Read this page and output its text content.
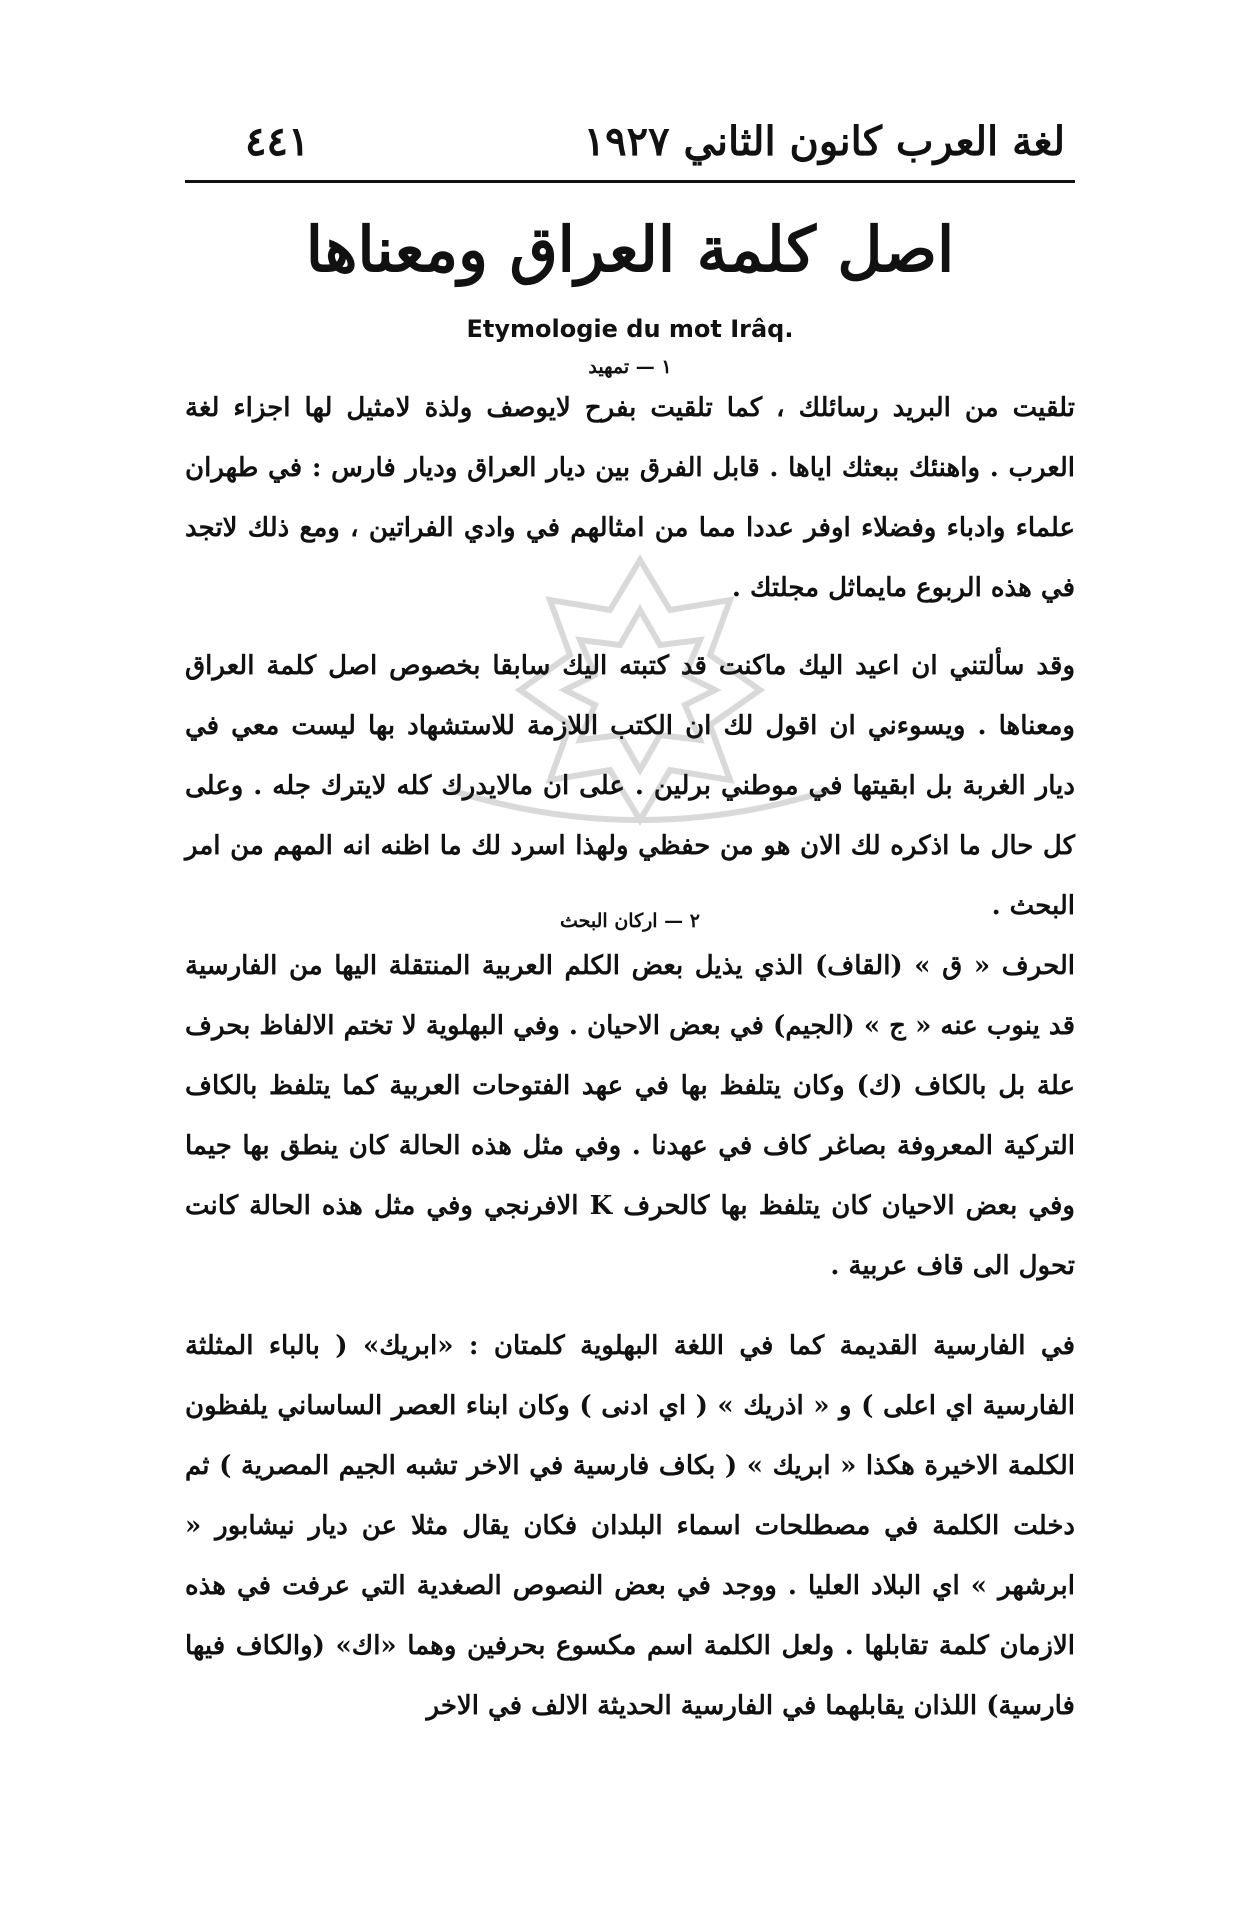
لغة العرب كانون الثاني ١٩٢٧
٤٤١
اصل كلمة العراق ومعناها
Etymologie du mot Irâq.
١ — تمهيد

تلقيت من البريد رسائلك ، كما تلقيت بفرح لايوصف ولذة لامثيل لها اجزاء لغة العرب . واهنئك ببعثك اياها . قابل الفرق بين ديار العراق وديار فارس : في طهران علماء وادباء وفضلاء اوفر عددا مما من امثالهم في وادي الفراتين ، ومع ذلك لاتجد في هذه الربوع مايماثل مجلتك .

وقد سألتني ان اعيد اليك ماكنت قد كتبته اليك سابقا بخصوص اصل كلمة العراق ومعناها . ويسوءني ان اقول لك ان الكتب اللازمة للاستشهاد بها ليست معي في ديار الغربة بل ابقيتها في موطني برلين . على ان مالايدرك كله لايترك جله . وعلى كل حال ما اذكره لك الان هو من حفظي ولهذا اسرد لك ما اظنه انه المهم من امر البحث .

٢ — اركان البحث

الحرف « ق » (القاف) الذي يذيل بعض الكلم العربية المنتقلة اليها من الفارسية قد ينوب عنه « ج » (الجيم) في بعض الاحيان . وفي البهلوية لا تختم الالفاظ بحرف علة بل بالكاف (ك) وكان يتلفظ بها في عهد الفتوحات العربية كما يتلفظ بالكاف التركية المعروفة بصاغر كاف في عهدنا . وفي مثل هذه الحالة كان ينطق بها جيما وفي بعض الاحيان كان يتلفظ بها كالحرف K الافرنجي وفي مثل هذه الحالة كانت تحول الى قاف عربية .

في الفارسية القديمة كما في اللغة البهلوية كلمتان : «ابريك» ( بالباء المثلثة الفارسية اي اعلى ) و « اذريك » ( اي ادنى ) وكان ابناء العصر الساساني يلفظون الكلمة الاخيرة هكذا « ابريك » ( بكاف فارسية في الاخر تشبه الجيم المصرية ) ثم دخلت الكلمة في مصطلحات اسماء البلدان فكان يقال مثلا عن ديار نيشابور « ابرشهر » اي البلاد العليا . ووجد في بعض النصوص الصغدية التي عرفت في هذه الازمان كلمة تقابلها . ولعل الكلمة اسم مكسوع بحرفين وهما «اك» (والكاف فيها فارسية) اللذان يقابلهما في الفارسية الحديثة الالف في الاخر
